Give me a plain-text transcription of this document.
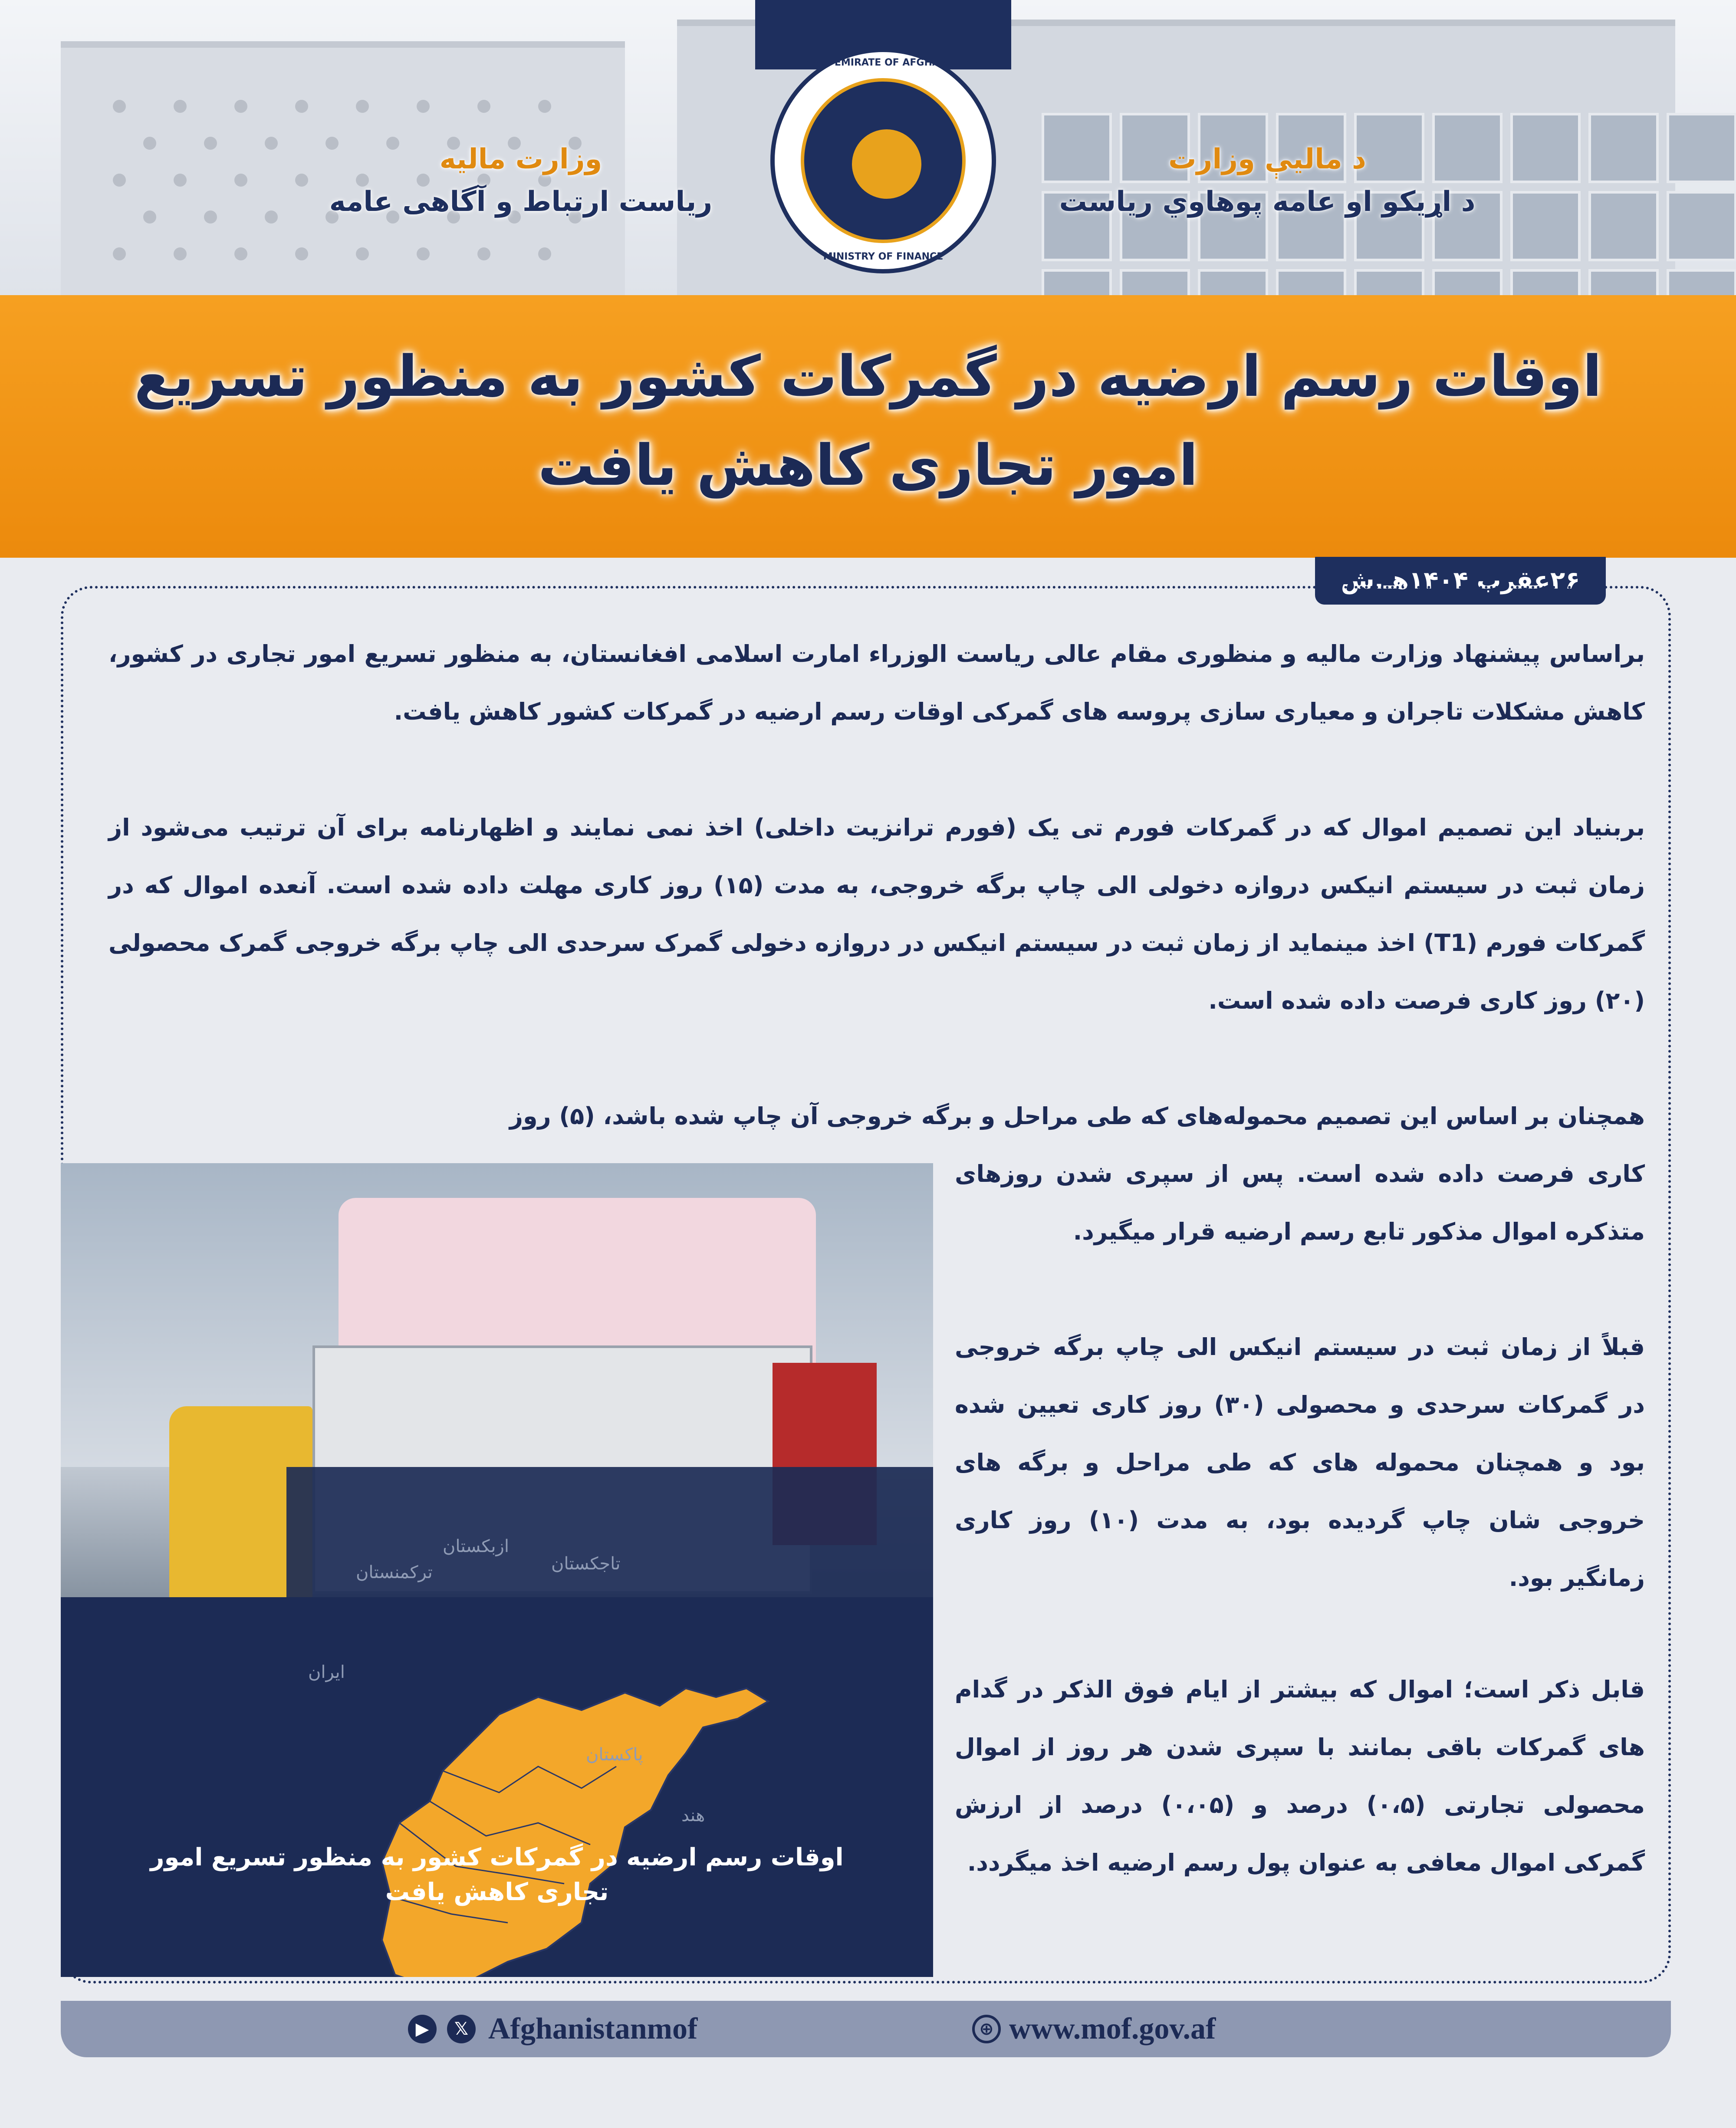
ISLAMIC EMIRATE OF AFGHANISTAN
MINISTRY OF FINANCE
وزارت مالیه
ریاست ارتباط و آگاهی عامه
د مالیې وزارت
د اړیکو او عامه پوهاوي ریاست
اوقات رسم ارضیه در گمرکات کشور به منظور تسریع امور تجاری کاهش یافت
۲۶عقرب ۱۴۰۴هـ.ش

براساس پیشنهاد وزارت مالیه و منظوری مقام عالی ریاست الوزراء امارت اسلامی افغانستان، به منظور تسریع امور تجاری در کشور، کاهش مشکلات تاجران و معیاری سازی پروسه های گمرکی اوقات رسم ارضیه در گمرکات کشور کاهش یافت.

بربنیاد این تصمیم اموال که در گمرکات فورم تی یک (فورم ترانزیت داخلی) اخذ نمی نمایند و اظهارنامه برای آن ترتیب می‌شود از زمان ثبت در سیستم انیکس دروازه دخولی الی چاپ برگه خروجی، به مدت (۱۵) روز کاری مهلت داده شده است. آنعده اموال که در گمرکات فورم (T1) اخذ مینماید از زمان ثبت در سیستم انیکس در دروازه دخولی گمرک سرحدی الی چاپ برگه خروجی گمرک محصولی (۲۰) روز کاری فرصت داده شده است.

همچنان بر اساس این تصمیم محموله‌های که طی مراحل و برگه خروجی آن چاپ شده باشد، (۵) روز

کاری فرصت داده شده است. پس از سپری شدن روزهای متذکره اموال مذکور تابع رسم ارضیه قرار میگیرد.

قبلاً از زمان ثبت در سیستم انیکس الی چاپ برگه خروجی در گمرکات سرحدی و محصولی (۳۰) روز کاری تعیین شده بود و همچنان محموله های که طی مراحل و برگه های خروجی شان چاپ گردیده بود، به مدت (۱۰) روز کاری زمانگیر بود.

قابل ذکر است؛ اموال که بیشتر از ایام فوق الذکر در گدام های گمرکات باقی بمانند با سپری شدن هر روز از اموال محصولی تجارتی (۰،۵) درصد و (۰،۰۵) درصد از ارزش گمرکی اموال معافی به عنوان پول رسم ارضیه اخذ میگردد.

ازبکستان
ترکمنستان	تاجکستان
ایران
پاکستان
هند
اوقات رسم ارضیه در گمرکات کشور به منظور تسریع امور تجاری کاهش یافت
▶	𝕏 Afghanistanmof	⊕ www.mof.gov.af
